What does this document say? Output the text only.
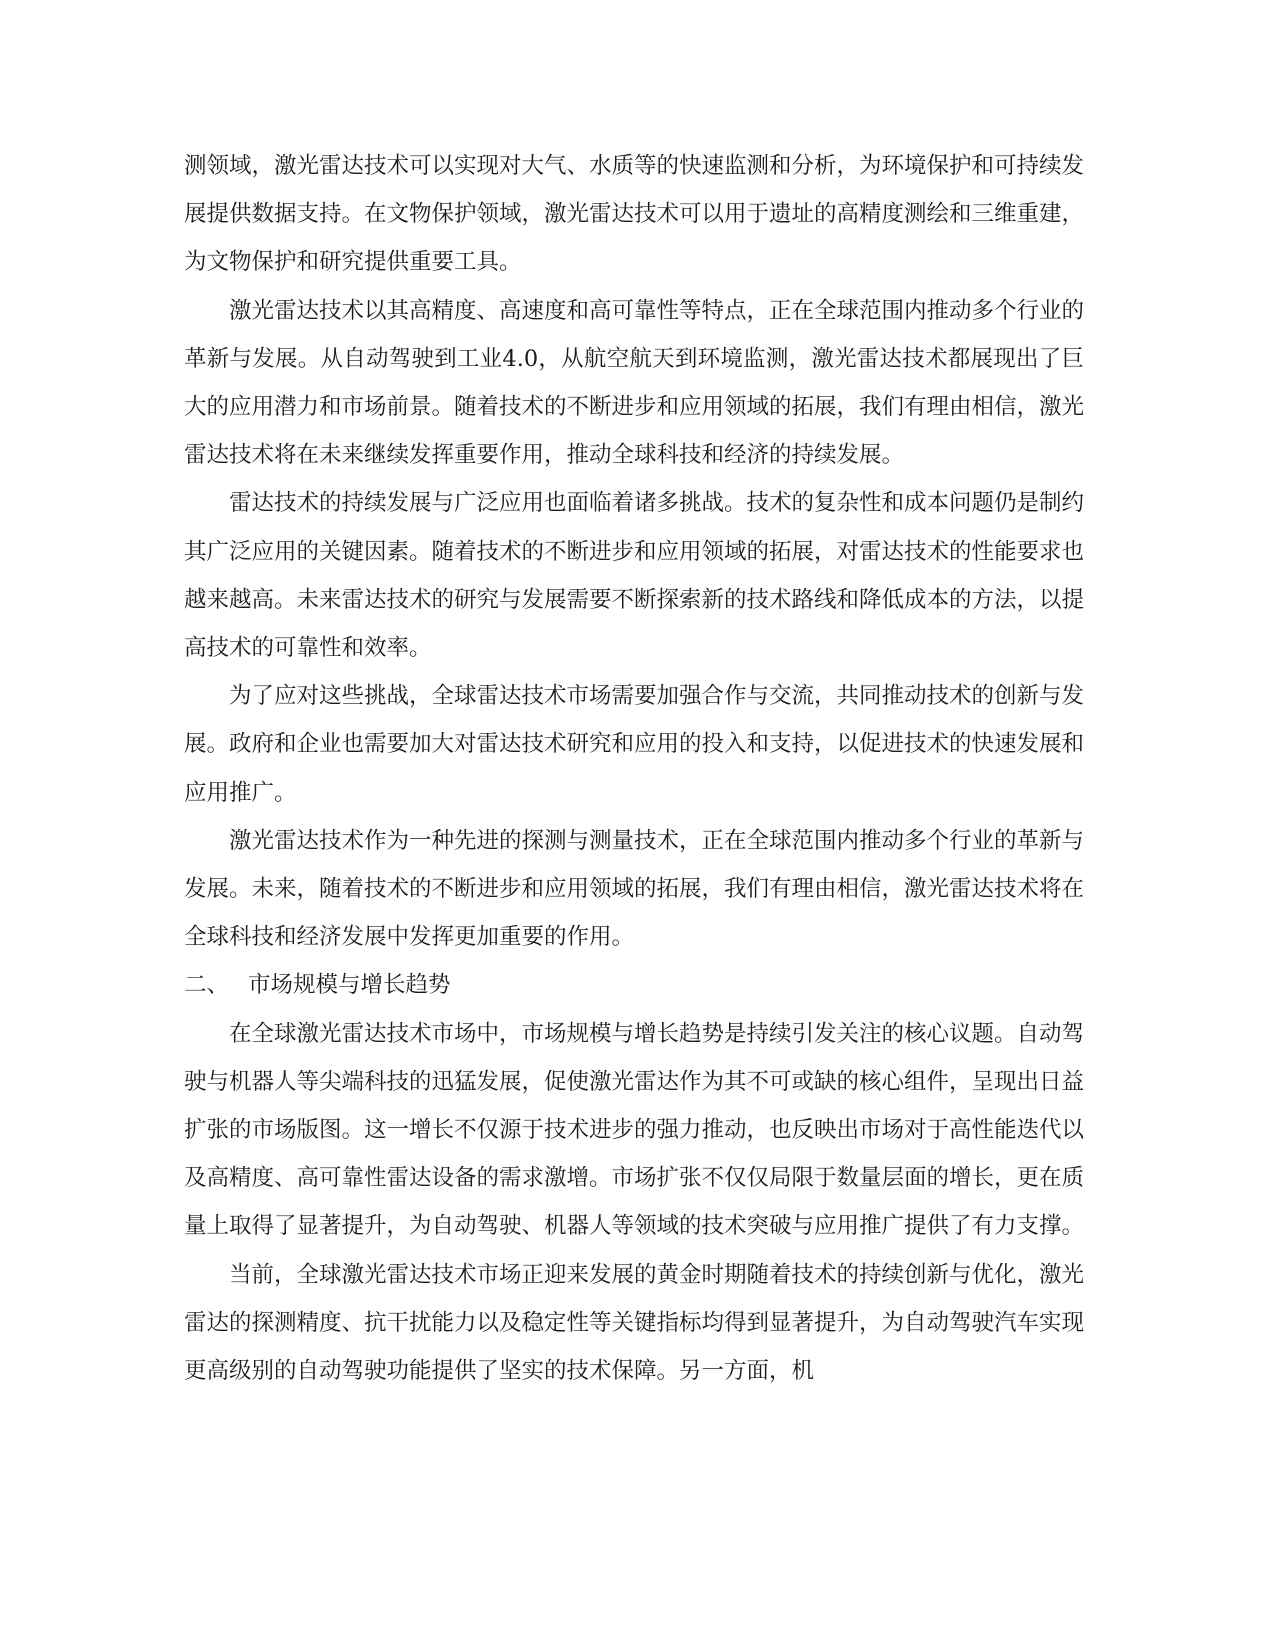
测领域，激光雷达技术可以实现对大气、水质等的快速监测和分析，为环境保护和可持续发展提供数据支持。在文物保护领域，激光雷达技术可以用于遗址的高精度测绘和三维重建，为文物保护和研究提供重要工具。

激光雷达技术以其高精度、高速度和高可靠性等特点，正在全球范围内推动多个行业的革新与发展。从自动驾驶到工业4.0，从航空航天到环境监测，激光雷达技术都展现出了巨大的应用潜力和市场前景。随着技术的不断进步和应用领域的拓展，我们有理由相信，激光雷达技术将在未来继续发挥重要作用，推动全球科技和经济的持续发展。

雷达技术的持续发展与广泛应用也面临着诸多挑战。技术的复杂性和成本问题仍是制约其广泛应用的关键因素。随着技术的不断进步和应用领域的拓展，对雷达技术的性能要求也越来越高。未来雷达技术的研究与发展需要不断探索新的技术路线和降低成本的方法，以提高技术的可靠性和效率。

为了应对这些挑战，全球雷达技术市场需要加强合作与交流，共同推动技术的创新与发展。政府和企业也需要加大对雷达技术研究和应用的投入和支持，以促进技术的快速发展和应用推广。

激光雷达技术作为一种先进的探测与测量技术，正在全球范围内推动多个行业的革新与发展。未来，随着技术的不断进步和应用领域的拓展，我们有理由相信，激光雷达技术将在全球科技和经济发展中发挥更加重要的作用。

二、 市场规模与增长趋势

在全球激光雷达技术市场中，市场规模与增长趋势是持续引发关注的核心议题。自动驾驶与机器人等尖端科技的迅猛发展，促使激光雷达作为其不可或缺的核心组件，呈现出日益扩张的市场版图。这一增长不仅源于技术进步的强力推动，也反映出市场对于高性能迭代以及高精度、高可靠性雷达设备的需求激增。市场扩张不仅仅局限于数量层面的增长，更在质量上取得了显著提升，为自动驾驶、机器人等领域的技术突破与应用推广提供了有力支撑。

当前，全球激光雷达技术市场正迎来发展的黄金时期随着技术的持续创新与优化，激光雷达的探测精度、抗干扰能力以及稳定性等关键指标均得到显著提升，为自动驾驶汽车实现更高级别的自动驾驶功能提供了坚实的技术保障。另一方面，机
